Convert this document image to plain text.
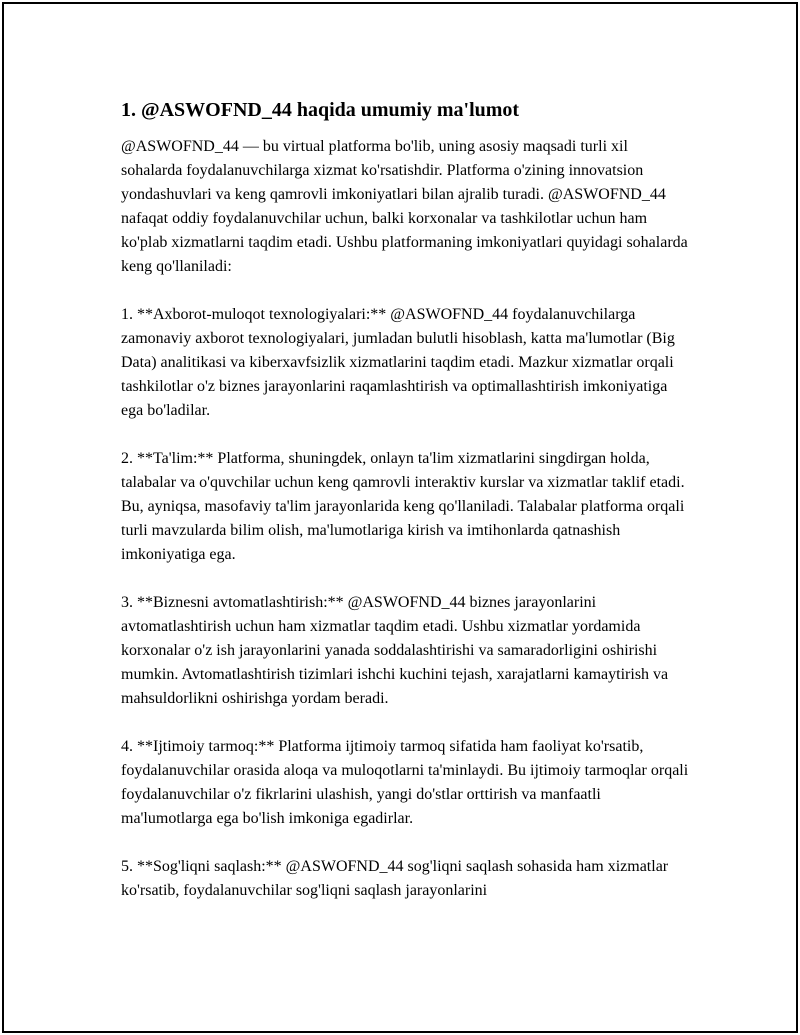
1. @ASWOFND_44 haqida umumiy ma'lumot

@ASWOFND_44 — bu virtual platforma bo'lib, uning asosiy maqsadi turli xil sohalarda foydalanuvchilarga xizmat ko'rsatishdir. Platforma o'zining innovatsion yondashuvlari va keng qamrovli imkoniyatlari bilan ajralib turadi. @ASWOFND_44 nafaqat oddiy foydalanuvchilar uchun, balki korxonalar va tashkilotlar uchun ham ko'plab xizmatlarni taqdim etadi. Ushbu platformaning imkoniyatlari quyidagi sohalarda keng qo'llaniladi:

1. **Axborot-muloqot texnologiyalari:** @ASWOFND_44 foydalanuvchilarga zamonaviy axborot texnologiyalari, jumladan bulutli hisoblash, katta ma'lumotlar (Big Data) analitikasi va kiberxavfsizlik xizmatlarini taqdim etadi. Mazkur xizmatlar orqali tashkilotlar o'z biznes jarayonlarini raqamlashtirish va optimallashtirish imkoniyatiga ega bo'ladilar.

2. **Ta'lim:** Platforma, shuningdek, onlayn ta'lim xizmatlarini singdirgan holda, talabalar va o'quvchilar uchun keng qamrovli interaktiv kurslar va xizmatlar taklif etadi. Bu, ayniqsa, masofaviy ta'lim jarayonlarida keng qo'llaniladi. Talabalar platforma orqali turli mavzularda bilim olish, ma'lumotlariga kirish va imtihonlarda qatnashish imkoniyatiga ega.

3. **Biznesni avtomatlashtirish:** @ASWOFND_44 biznes jarayonlarini avtomatlashtirish uchun ham xizmatlar taqdim etadi. Ushbu xizmatlar yordamida korxonalar o'z ish jarayonlarini yanada soddalashtirishi va samaradorligini oshirishi mumkin. Avtomatlashtirish tizimlari ishchi kuchini tejash, xarajatlarni kamaytirish va mahsuldorlikni oshirishga yordam beradi.

4. **Ijtimoiy tarmoq:** Platforma ijtimoiy tarmoq sifatida ham faoliyat ko'rsatib, foydalanuvchilar orasida aloqa va muloqotlarni ta'minlaydi. Bu ijtimoiy tarmoqlar orqali foydalanuvchilar o'z fikrlarini ulashish, yangi do'stlar orttirish va manfaatli ma'lumotlarga ega bo'lish imkoniga egadirlar.

5. **Sog'liqni saqlash:** @ASWOFND_44 sog'liqni saqlash sohasida ham xizmatlar ko'rsatib, foydalanuvchilar sog'liqni saqlash jarayonlarini
